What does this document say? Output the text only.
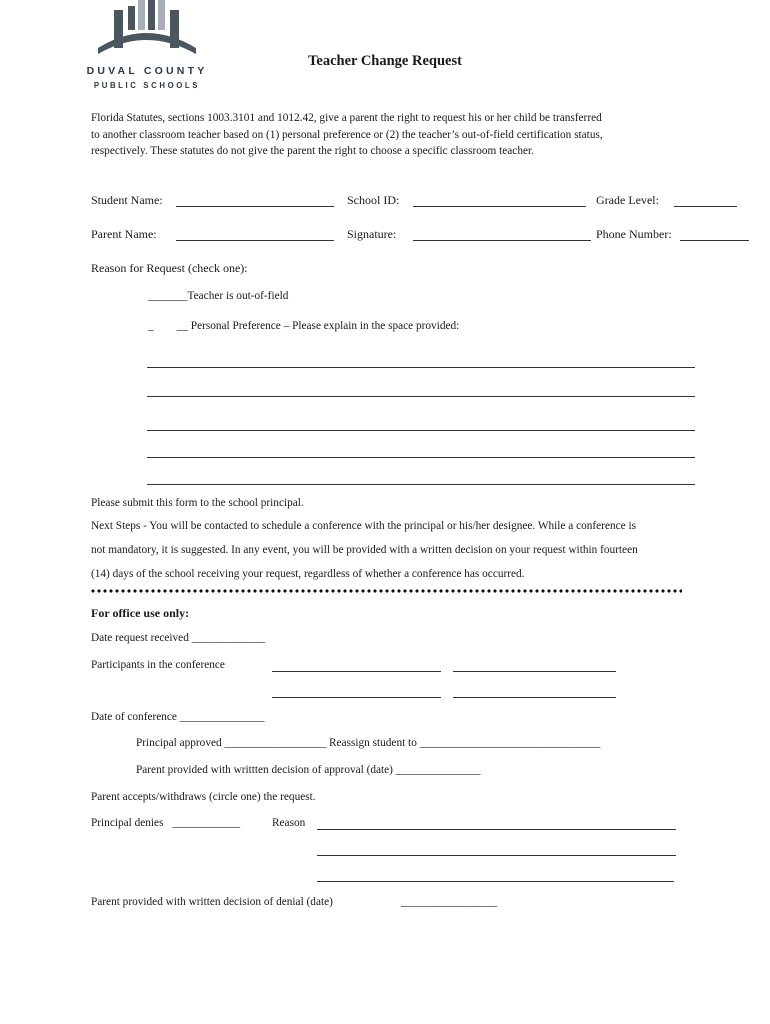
DUVAL COUNTY
PUBLIC SCHOOLS
Teacher Change Request
Florida Statutes, sections 1003.3101 and 1012.42, give a parent the right to request his or her child be transferred
to another classroom teacher based on (1) personal preference or (2) the teacher’s out-of-field certification status,
respectively. These statutes do not give the parent the right to choose a specific classroom teacher.
Student Name:	School ID:	Grade Level:
Parent Name:	Signature:	Phone Number:
Reason for Request (check one):
_______Teacher is out-of-field
_ __ Personal Preference – Please explain in the space provided:
Please submit this form to the school principal.
Next Steps - You will be contacted to schedule a conference with the principal or his/her designee. While a conference is
not mandatory, it is suggested. In any event, you will be provided with a written decision on your request within fourteen
(14) days of the school receiving your request, regardless of whether a conference has occurred.
For office use only:
Date request received _____________
Participants in the conference
Date of conference _______________
Principal approved __________________ Reassign student to ________________________________
Parent provided with writtten decision of approval (date) _______________
Parent accepts/withdraws (circle one) the request.
Principal denies ____________	Reason
Parent provided with written decision of denial (date)	_________________
